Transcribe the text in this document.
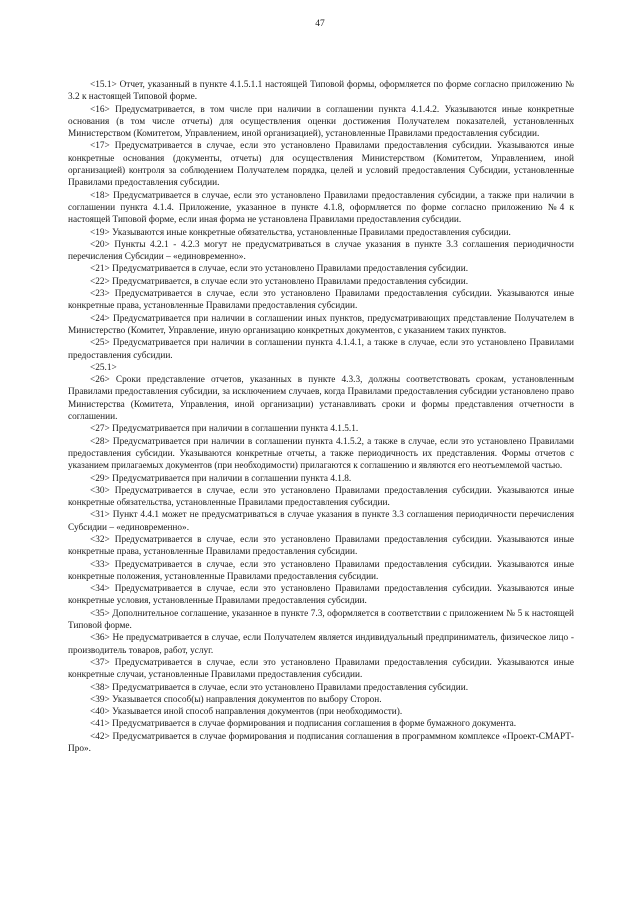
47

<15.1> Отчет, указанный в пункте 4.1.5.1.1 настоящей Типовой формы, оформляется по форме согласно приложению № 3.2 к настоящей Типовой форме.

<16> Предусматривается, в том числе при наличии в соглашении пункта 4.1.4.2. Указываются иные конкретные основания (в том числе отчеты) для осуществления оценки достижения Получателем показателей, установленных Министерством (Комитетом, Управлением, иной организацией), установленные Правилами предоставления субсидии.

<17> Предусматривается в случае, если это установлено Правилами предоставления субсидии. Указываются иные конкретные основания (документы, отчеты) для осуществления Министерством (Комитетом, Управлением, иной организацией) контроля за соблюдением Получателем порядка, целей и условий предоставления Субсидии, установленные Правилами предоставления субсидии.

<18> Предусматривается в случае, если это установлено Правилами предоставления субсидии, а также при наличии в соглашении пункта 4.1.4. Приложение, указанное в пункте 4.1.8, оформляется по форме согласно приложению №4 к настоящей Типовой форме, если иная форма не установлена Правилами предоставления субсидии.

<19> Указываются иные конкретные обязательства, установленные Правилами предоставления субсидии.

<20> Пункты 4.2.1 - 4.2.3 могут не предусматриваться в случае указания в пункте 3.3 соглашения периодичности перечисления Субсидии – «единовременно».

<21> Предусматривается в случае, если это установлено Правилами предоставления субсидии.

<22> Предусматривается, в случае если это установлено Правилами предоставления субсидии.

<23> Предусматривается в случае, если это установлено Правилами предоставления субсидии. Указываются иные конкретные права, установленные Правилами предоставления субсидии.

<24> Предусматривается при наличии в соглашении иных пунктов, предусматривающих представление Получателем в Министерство (Комитет, Управление, иную организацию конкретных документов, с указанием таких пунктов.

<25> Предусматривается при наличии в соглашении пункта 4.1.4.1, а также в случае, если это установлено Правилами предоставления субсидии.

<25.1>

<26> Сроки представление отчетов, указанных в пункте 4.3.3, должны соответствовать срокам, установленным Правилами предоставления субсидии, за исключением случаев, когда Правилами предоставления субсидии установлено право Министерства (Комитета, Управления, иной организации) устанавливать сроки и формы представления отчетности в соглашении.

<27> Предусматривается при наличии в соглашении пункта 4.1.5.1.

<28> Предусматривается при наличии в соглашении пункта 4.1.5.2, а также в случае, если это установлено Правилами предоставления субсидии. Указываются конкретные отчеты, а также периодичность их представления. Формы отчетов с указанием прилагаемых документов (при необходимости) прилагаются к соглашению и являются его неотъемлемой частью.

<29> Предусматривается при наличии в соглашении пункта 4.1.8.

<30> Предусматривается в случае, если это установлено Правилами предоставления субсидии. Указываются иные конкретные обязательства, установленные Правилами предоставления субсидии.

<31> Пункт 4.4.1 может не предусматриваться в случае указания в пункте 3.3 соглашения периодичности перечисления Субсидии – «единовременно».

<32> Предусматривается в случае, если это установлено Правилами предоставления субсидии. Указываются иные конкретные права, установленные Правилами предоставления субсидии.

<33> Предусматривается в случае, если это установлено Правилами предоставления субсидии. Указываются иные конкретные положения, установленные Правилами предоставления субсидии.

<34> Предусматривается в случае, если это установлено Правилами предоставления субсидии. Указываются иные конкретные условия, установленные Правилами предоставления субсидии.

<35> Дополнительное соглашение, указанное в пункте 7.3, оформляется в соответствии с приложением № 5 к настоящей Типовой форме.

<36> Не предусматривается в случае, если Получателем является индивидуальный предприниматель, физическое лицо - производитель товаров, работ, услуг.

<37> Предусматривается в случае, если это установлено Правилами предоставления субсидии. Указываются иные конкретные случаи, установленные Правилами предоставления субсидии.

<38> Предусматривается в случае, если это установлено Правилами предоставления субсидии.

<39> Указывается способ(ы) направления документов по выбору Сторон.

<40> Указывается иной способ направления документов (при необходимости).

<41> Предусматривается в случае формирования и подписания соглашения в форме бумажного документа.

<42> Предусматривается в случае формирования и подписания соглашения в программном комплексе «Проект-СМАРТ-Про».
